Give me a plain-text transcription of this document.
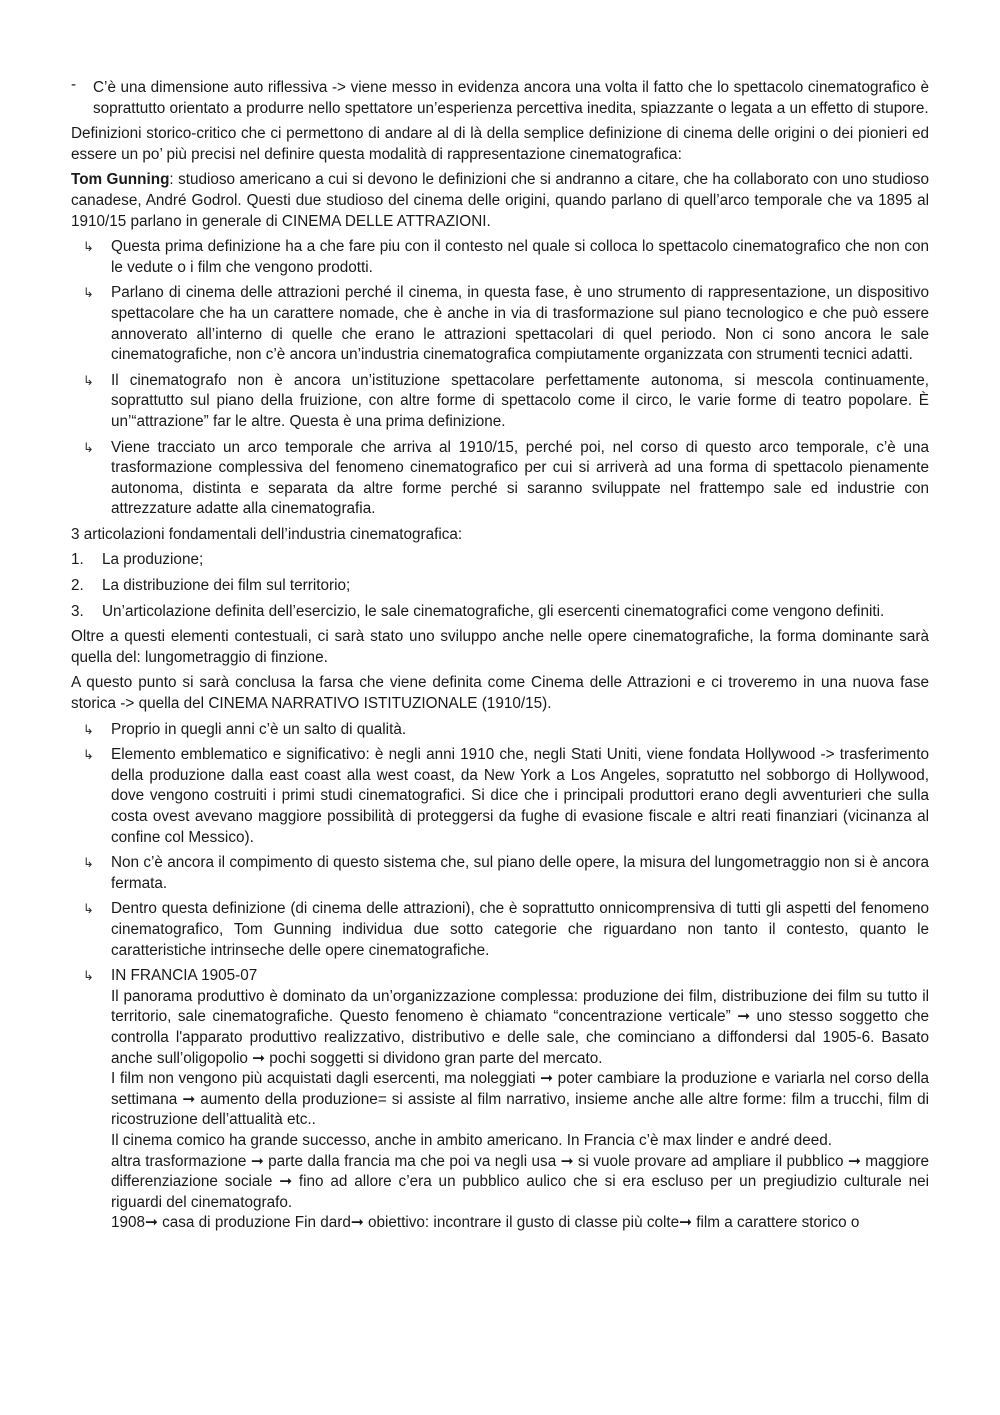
- C’è una dimensione auto riflessiva -> viene messo in evidenza ancora una volta il fatto che lo spettacolo cinematografico è soprattutto orientato a produrre nello spettatore un’esperienza percettiva inedita, spiazzante o legata a un effetto di stupore.

Definizioni storico-critico che ci permettono di andare al di là della semplice definizione di cinema delle origini o dei pionieri ed essere un po’ più precisi nel definire questa modalità di rappresentazione cinematografica:

Tom Gunning: studioso americano a cui si devono le definizioni che si andranno a citare, che ha collaborato con uno studioso canadese, André Godrol. Questi due studioso del cinema delle origini, quando parlano di quell’arco temporale che va 1895 al 1910/15 parlano in generale di CINEMA DELLE ATTRAZIONI.

↳ Questa prima definizione ha a che fare piu con il contesto nel quale si colloca lo spettacolo cinematografico che non con le vedute o i film che vengono prodotti.
↳ Parlano di cinema delle attrazioni perché il cinema, in questa fase, è uno strumento di rappresentazione, un dispositivo spettacolare che ha un carattere nomade, che è anche in via di trasformazione sul piano tecnologico e che può essere annoverato all’interno di quelle che erano le attrazioni spettacolari di quel periodo. Non ci sono ancora le sale cinematografiche, non c’è ancora un’industria cinematografica compiutamente organizzata con strumenti tecnici adatti.
↳ Il cinematografo non è ancora un’istituzione spettacolare perfettamente autonoma, si mescola continuamente, soprattutto sul piano della fruizione, con altre forme di spettacolo come il circo, le varie forme di teatro popolare. È un’“attrazione” far le altre. Questa è una prima definizione.
↳ Viene tracciato un arco temporale che arriva al 1910/15, perché poi, nel corso di questo arco temporale, c’è una trasformazione complessiva del fenomeno cinematografico per cui si arriverà ad una forma di spettacolo pienamente autonoma, distinta e separata da altre forme perché si saranno sviluppate nel frattempo sale ed industrie con attrezzature adatte alla cinematografia.

3 articolazioni fondamentali dell’industria cinematografica:

1. La produzione;
2. La distribuzione dei film sul territorio;
3. Un’articolazione definita dell’esercizio, le sale cinematografiche, gli esercenti cinematografici come vengono definiti.

Oltre a questi elementi contestuali, ci sarà stato uno sviluppo anche nelle opere cinematografiche, la forma dominante sarà quella del: lungometraggio di finzione.

A questo punto si sarà conclusa la farsa che viene definita come Cinema delle Attrazioni e ci troveremo in una nuova fase storica -> quella del CINEMA NARRATIVO ISTITUZIONALE (1910/15).

↳ Proprio in quegli anni c’è un salto di qualità.
↳ Elemento emblematico e significativo: è negli anni 1910 che, negli Stati Uniti, viene fondata Hollywood -> trasferimento della produzione dalla east coast alla west coast, da New York a Los Angeles, sopratutto nel sobborgo di Hollywood, dove vengono costruiti i primi studi cinematografici. Si dice che i principali produttori erano degli avventurieri che sulla costa ovest avevano maggiore possibilità di proteggersi da fughe di evasione fiscale e altri reati finanziari (vicinanza al confine col Messico).
↳ Non c’è ancora il compimento di questo sistema che, sul piano delle opere, la misura del lungometraggio non si è ancora fermata.
↳ Dentro questa definizione (di cinema delle attrazioni), che è soprattutto onnicomprensiva di tutti gli aspetti del fenomeno cinematografico, Tom Gunning individua due sotto categorie che riguardano non tanto il contesto, quanto le caratteristiche intrinseche delle opere cinematografiche.
↳ IN FRANCIA 1905-07
Il panorama produttivo è dominato da un’organizzazione complessa: produzione dei film, distribuzione dei film su tutto il territorio, sale cinematografiche. Questo fenomeno è chiamato “concentrazione verticale” ➞ uno stesso soggetto che controlla l'apparato produttivo realizzativo, distributivo e delle sale, che cominciano a diffondersi dal 1905-6. Basato anche sull’oligopolio ➞ pochi soggetti si dividono gran parte del mercato.
I film non vengono più acquistati dagli esercenti, ma noleggiati ➞ poter cambiare la produzione e variarla nel corso della settimana ➞ aumento della produzione= si assiste al film narrativo, insieme anche alle altre forme: film a trucchi, film di ricostruzione dell’attualità etc..
Il cinema comico ha grande successo, anche in ambito americano. In Francia c’è max linder e andré deed.
altra trasformazione ➞ parte dalla francia ma che poi va negli usa ➞ si vuole provare ad ampliare il pubblico ➞ maggiore differenziazione sociale ➞ fino ad allore c’era un pubblico aulico che si era escluso per un pregiudizio culturale nei riguardi del cinematografo.
1908➞ casa di produzione Fin dard➞ obiettivo: incontrare il gusto di classe più colte➞ film a carattere storico o
